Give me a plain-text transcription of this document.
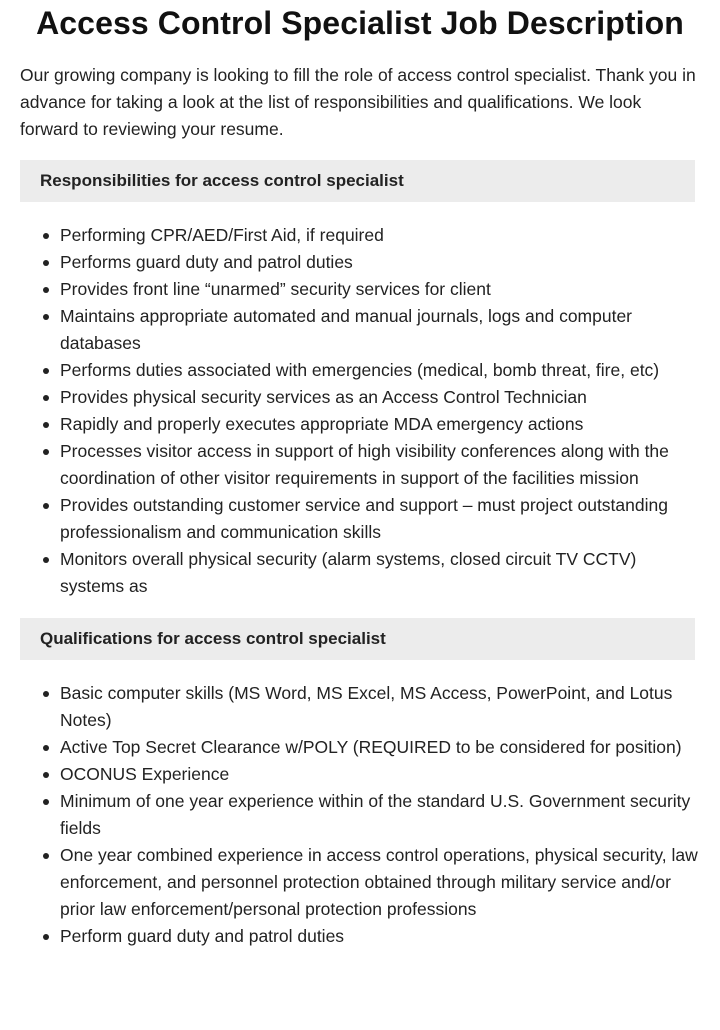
Access Control Specialist Job Description

Our growing company is looking to fill the role of access control specialist. Thank you in advance for taking a look at the list of responsibilities and qualifications. We look forward to reviewing your resume.

Responsibilities for access control specialist
Performing CPR/AED/First Aid, if required
Performs guard duty and patrol duties
Provides front line “unarmed” security services for client
Maintains appropriate automated and manual journals, logs and computer databases
Performs duties associated with emergencies (medical, bomb threat, fire, etc)
Provides physical security services as an Access Control Technician
Rapidly and properly executes appropriate MDA emergency actions
Processes visitor access in support of high visibility conferences along with the coordination of other visitor requirements in support of the facilities mission
Provides outstanding customer service and support – must project outstanding professionalism and communication skills
Monitors overall physical security (alarm systems, closed circuit TV CCTV) systems as
Qualifications for access control specialist
Basic computer skills (MS Word, MS Excel, MS Access, PowerPoint, and Lotus Notes)
Active Top Secret Clearance w/POLY (REQUIRED to be considered for position)
OCONUS Experience
Minimum of one year experience within of the standard U.S. Government security fields
One year combined experience in access control operations, physical security, law enforcement, and personnel protection obtained through military service and/or prior law enforcement/personal protection professions
Perform guard duty and patrol duties
